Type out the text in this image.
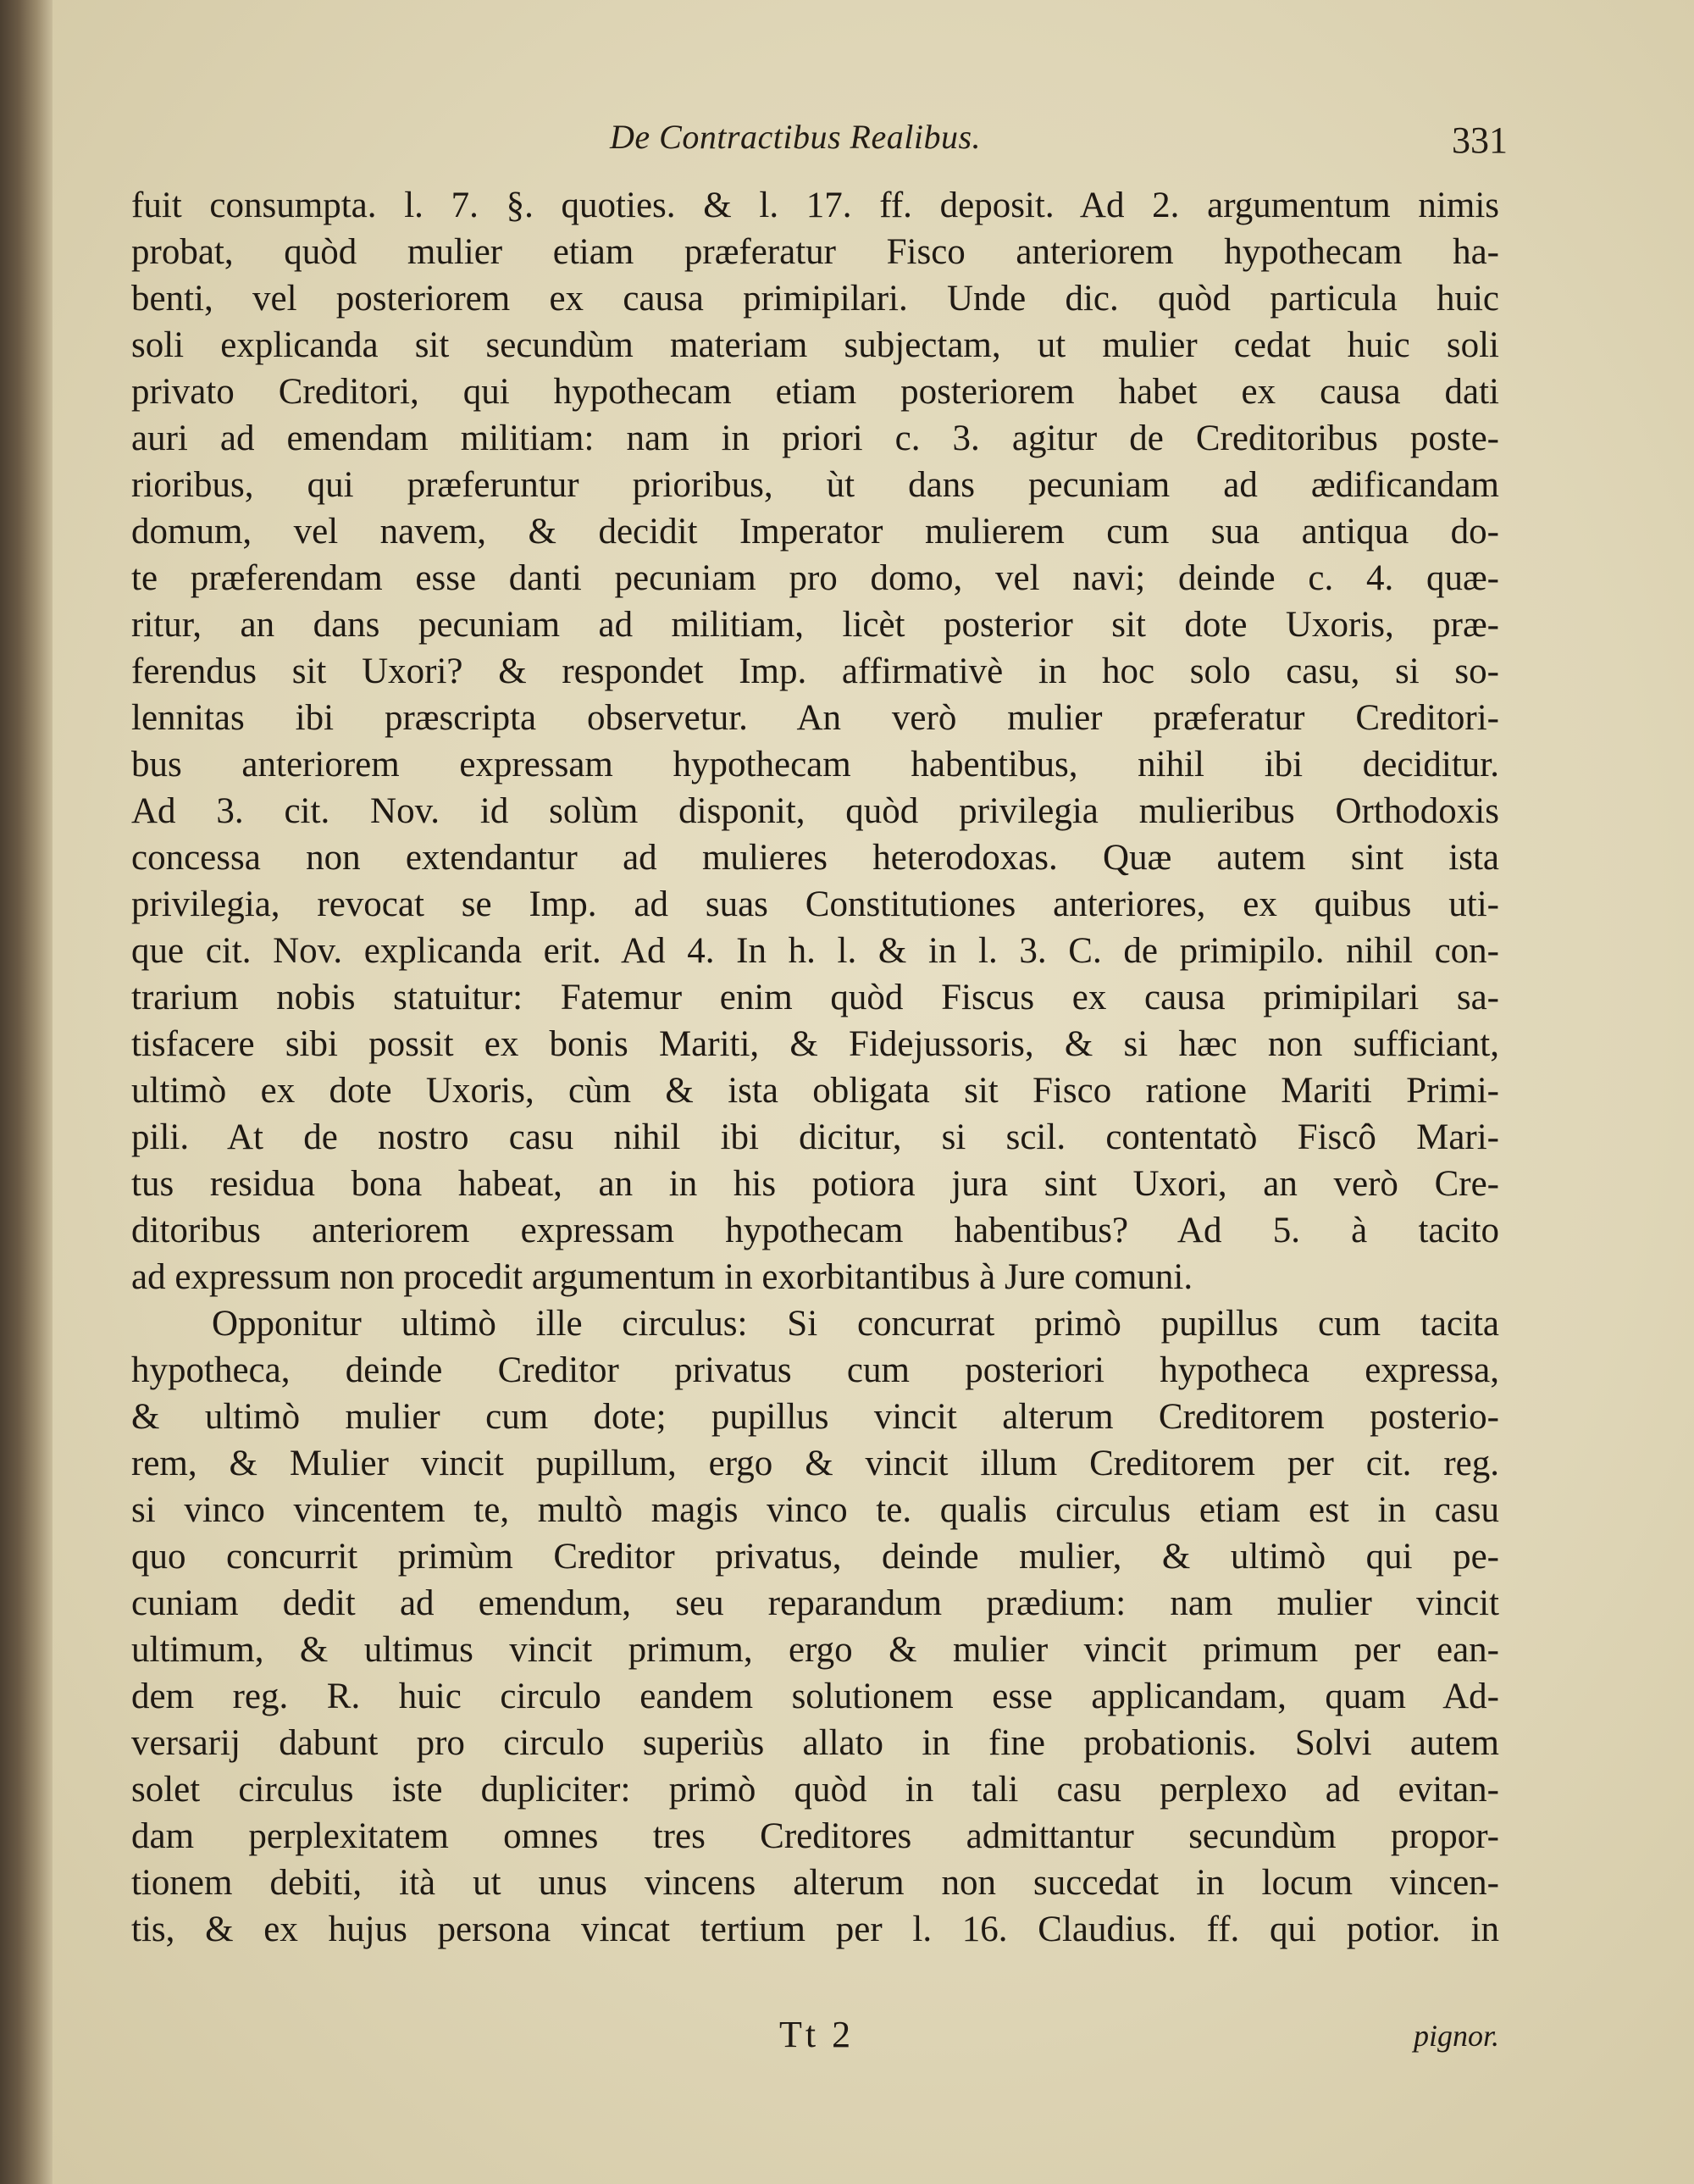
De Contractibus Realibus.	331
fuit consumpta. l. 7. §. quoties. & l. 17. ff. deposit. Ad 2. argumentum nimis
probat, quòd mulier etiam præferatur Fisco anteriorem hypothecam ha-
benti, vel posteriorem ex causa primipilari. Unde dic. quòd particula huic
soli explicanda sit secundùm materiam subjectam, ut mulier cedat huic soli
privato Creditori, qui hypothecam etiam posteriorem habet ex causa dati
auri ad emendam militiam: nam in priori c. 3. agitur de Creditoribus poste-
rioribus, qui præferuntur prioribus, ùt dans pecuniam ad ædificandam
domum, vel navem, & decidit Imperator mulierem cum sua antiqua do-
te præferendam esse danti pecuniam pro domo, vel navi; deinde c. 4. quæ-
ritur, an dans pecuniam ad militiam, licèt posterior sit dote Uxoris, præ-
ferendus sit Uxori? & respondet Imp. affirmativè in hoc solo casu, si so-
lennitas ibi præscripta observetur. An verò mulier præferatur Creditori-
bus anteriorem expressam hypothecam habentibus, nihil ibi deciditur.
Ad 3. cit. Nov. id solùm disponit, quòd privilegia mulieribus Orthodoxis
concessa non extendantur ad mulieres heterodoxas. Quæ autem sint ista
privilegia, revocat se Imp. ad suas Constitutiones anteriores, ex quibus uti-
que cit. Nov. explicanda erit. Ad 4. In h. l. & in l. 3. C. de primipilo. nihil con-
trarium nobis statuitur: Fatemur enim quòd Fiscus ex causa primipilari sa-
tisfacere sibi possit ex bonis Mariti, & Fidejussoris, & si hæc non sufficiant,
ultimò ex dote Uxoris, cùm & ista obligata sit Fisco ratione Mariti Primi-
pili. At de nostro casu nihil ibi dicitur, si scil. contentatò Fiscô Mari-
tus residua bona habeat, an in his potiora jura sint Uxori, an verò Cre-
ditoribus anteriorem expressam hypothecam habentibus? Ad 5. à tacito
ad expressum non procedit argumentum in exorbitantibus à Jure comuni.
Opponitur ultimò ille circulus: Si concurrat primò pupillus cum tacita
hypotheca, deinde Creditor privatus cum posteriori hypotheca expressa,
& ultimò mulier cum dote; pupillus vincit alterum Creditorem posterio-
rem, & Mulier vincit pupillum, ergo & vincit illum Creditorem per cit. reg.
si vinco vincentem te, multò magis vinco te. qualis circulus etiam est in casu
quo concurrit primùm Creditor privatus, deinde mulier, & ultimò qui pe-
cuniam dedit ad emendum, seu reparandum prædium: nam mulier vincit
ultimum, & ultimus vincit primum, ergo & mulier vincit primum per ean-
dem reg. R. huic circulo eandem solutionem esse applicandam, quam Ad-
versarij dabunt pro circulo superiùs allato in fine probationis. Solvi autem
solet circulus iste dupliciter: primò quòd in tali casu perplexo ad evitan-
dam perplexitatem omnes tres Creditores admittantur secundùm propor-
tionem debiti, ità ut unus vincens alterum non succedat in locum vincen-
tis, & ex hujus persona vincat tertium per l. 16. Claudius. ff. qui potior. in
Tt 2	pignor.
